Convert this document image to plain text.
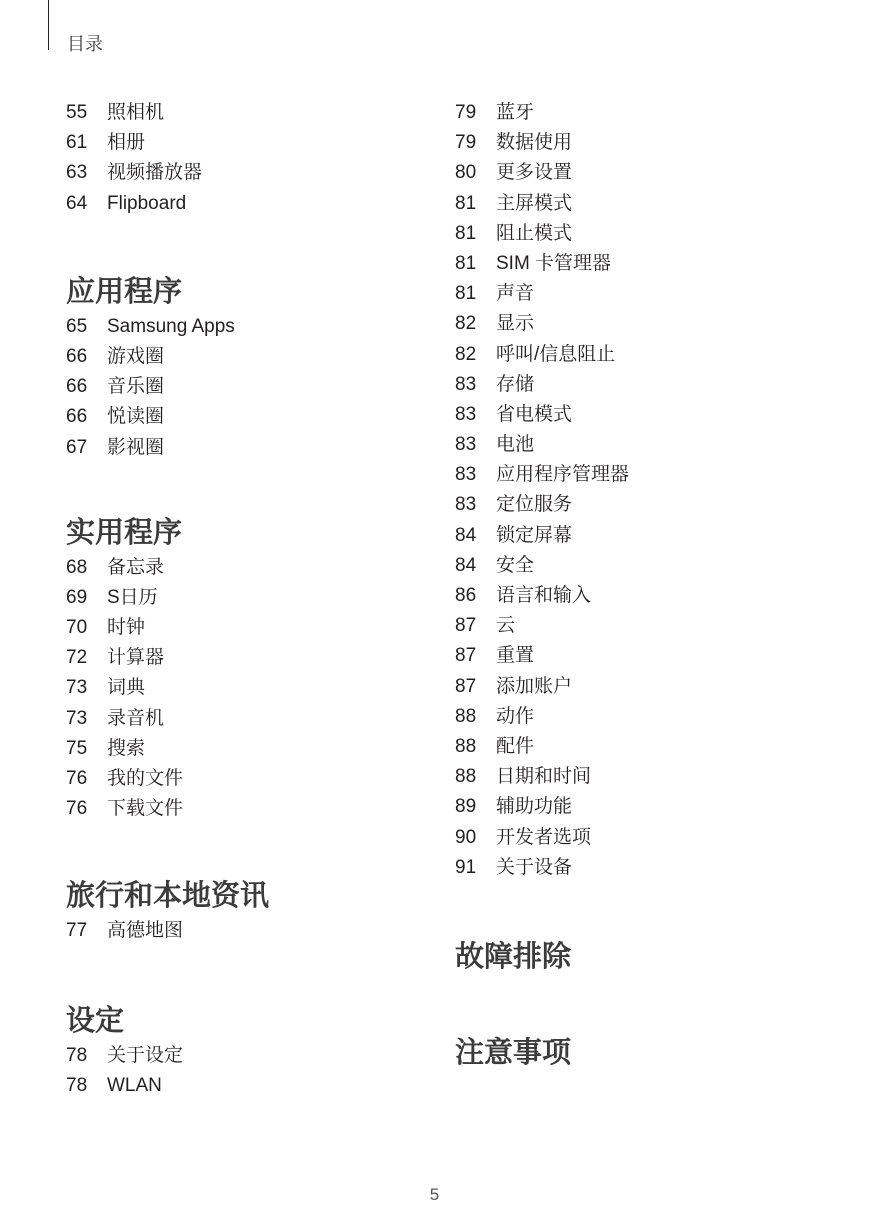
目录
55	照相机
61	相册
63	视频播放器
64	Flipboard
应用程序
65	Samsung Apps
66	游戏圈
66	音乐圈
66	悦读圈
67	影视圈
实用程序
68	备忘录
69	S日历
70	时钟
72	计算器
73	词典
73	录音机
75	搜索
76	我的文件
76	下载文件
旅行和本地资讯
77	高德地图
设定
78	关于设定
78	WLAN
79	蓝牙
79	数据使用
80	更多设置
81	主屏模式
81	阻止模式
81	SIM 卡管理器
81	声音
82	显示
82	呼叫/信息阻止
83	存储
83	省电模式
83	电池
83	应用程序管理器
83	定位服务
84	锁定屏幕
84	安全
86	语言和输入
87	云
87	重置
87	添加账户
88	动作
88	配件
88	日期和时间
89	辅助功能
90	开发者选项
91	关于设备
故障排除
注意事项
5
